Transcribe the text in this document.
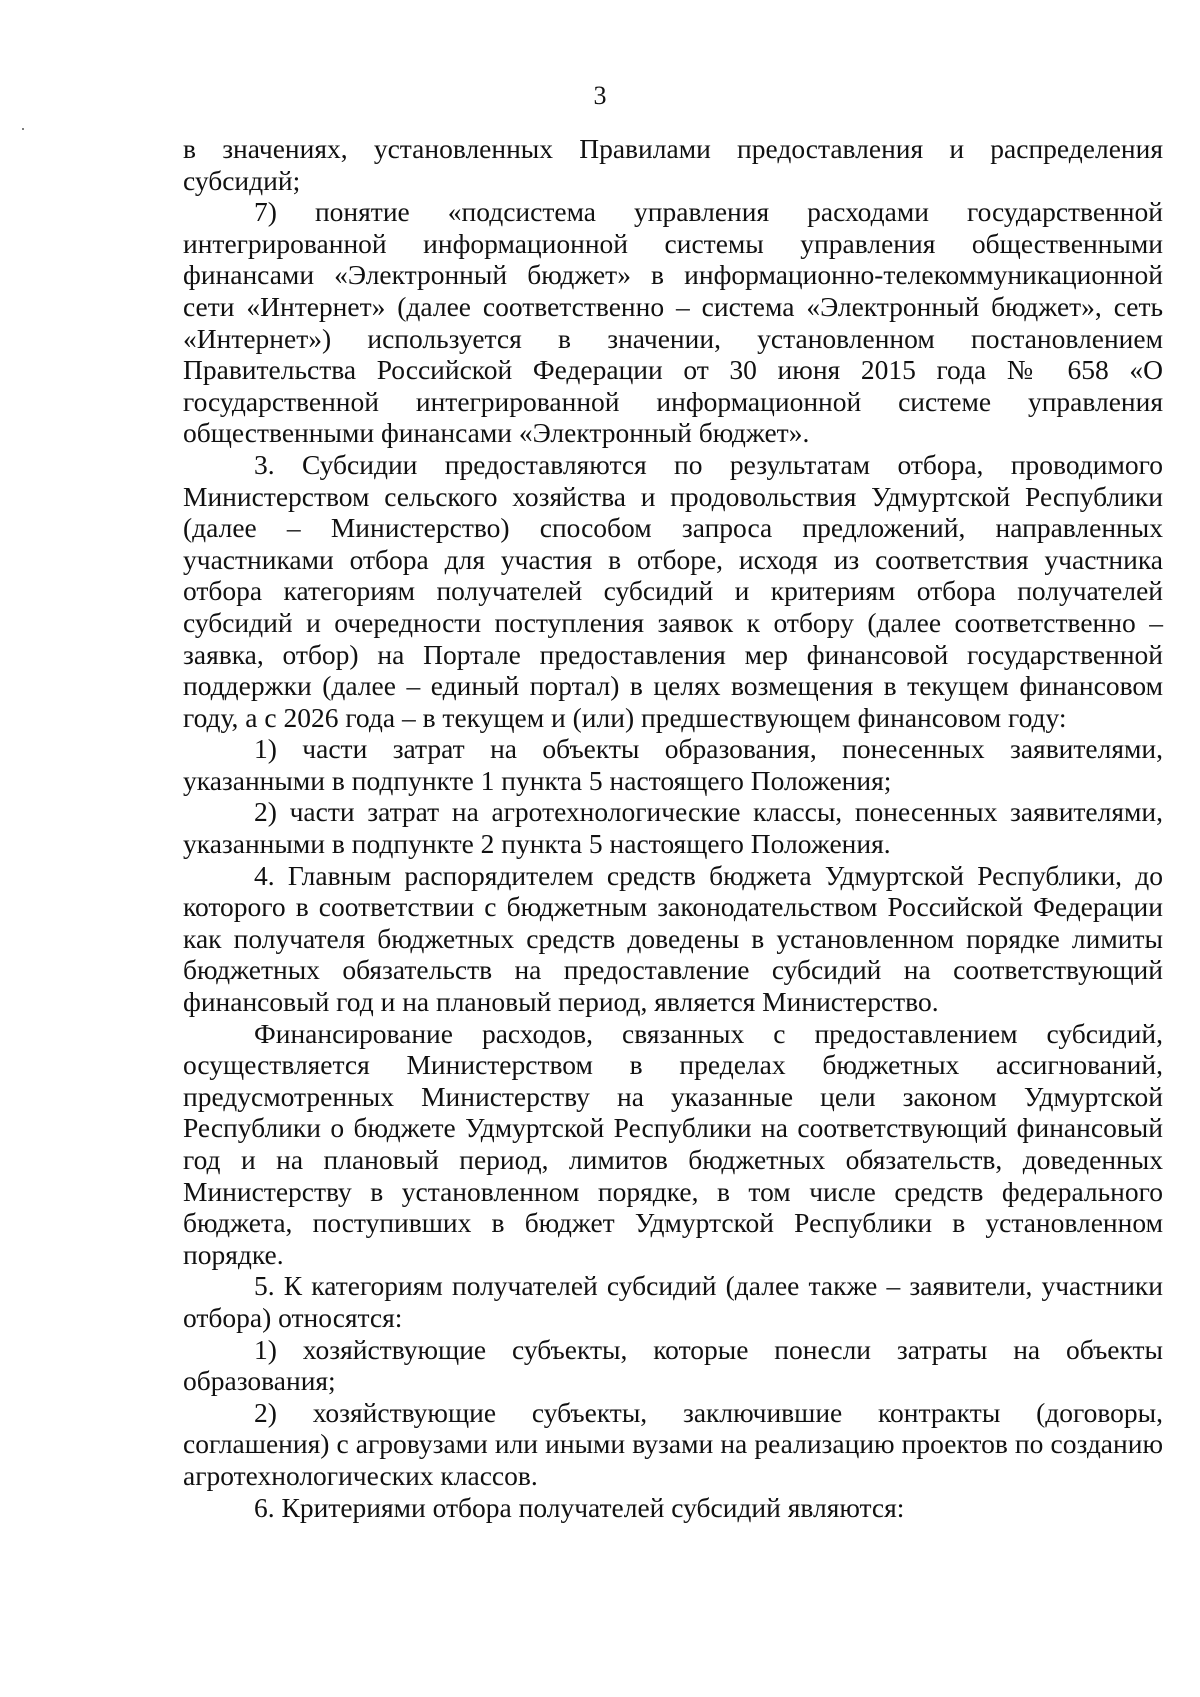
3

в значениях, установленных Правилами предоставления и распределения субсидий;

7) понятие «подсистема управления расходами государственной интегрированной информационной системы управления общественными финансами «Электронный бюджет» в информационно-телекоммуникационной сети «Интернет» (далее соответственно – система «Электронный бюджет», сеть «Интернет») используется в значении, установленном постановлением Правительства Российской Федерации от 30 июня 2015 года № 658 «О государственной интегрированной информационной системе управления общественными финансами «Электронный бюджет».

3. Субсидии предоставляются по результатам отбора, проводимого Министерством сельского хозяйства и продовольствия Удмуртской Республики (далее – Министерство) способом запроса предложений, направленных участниками отбора для участия в отборе, исходя из соответствия участника отбора категориям получателей субсидий и критериям отбора получателей субсидий и очередности поступления заявок к отбору (далее соответственно – заявка, отбор) на Портале предоставления мер финансовой государственной поддержки (далее – единый портал) в целях возмещения в текущем финансовом году, а с 2026 года – в текущем и (или) предшествующем финансовом году:

1) части затрат на объекты образования, понесенных заявителями, указанными в подпункте 1 пункта 5 настоящего Положения;

2) части затрат на агротехнологические классы, понесенных заявителями, указанными в подпункте 2 пункта 5 настоящего Положения.

4. Главным распорядителем средств бюджета Удмуртской Республики, до которого в соответствии с бюджетным законодательством Российской Федерации как получателя бюджетных средств доведены в установленном порядке лимиты бюджетных обязательств на предоставление субсидий на соответствующий финансовый год и на плановый период, является Министерство.

Финансирование расходов, связанных с предоставлением субсидий, осуществляется Министерством в пределах бюджетных ассигнований, предусмотренных Министерству на указанные цели законом Удмуртской Республики о бюджете Удмуртской Республики на соответствующий финансовый год и на плановый период, лимитов бюджетных обязательств, доведенных Министерству в установленном порядке, в том числе средств федерального бюджета, поступивших в бюджет Удмуртской Республики в установленном порядке.

5. К категориям получателей субсидий (далее также – заявители, участники отбора) относятся:

1) хозяйствующие субъекты, которые понесли затраты на объекты образования;

2) хозяйствующие субъекты, заключившие контракты (договоры, соглашения) с агровузами или иными вузами на реализацию проектов по созданию агротехнологических классов.

6. Критериями отбора получателей субсидий являются:
